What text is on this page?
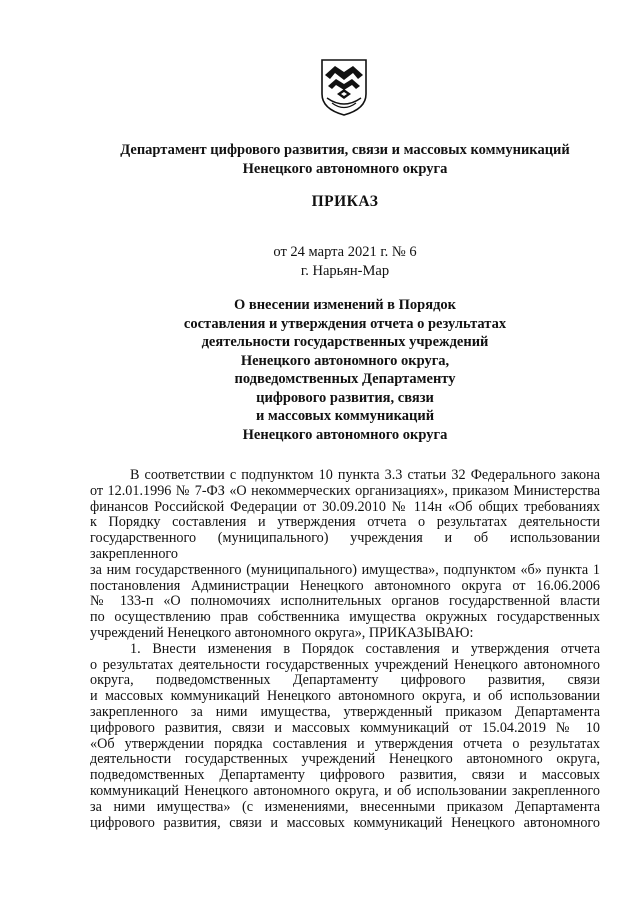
Департамент цифрового развития, связи и массовых коммуникаций
Ненецкого автономного округа
ПРИКАЗ
от 24 марта 2021 г. № 6
г. Нарьян-Мар
О внесении изменений в Порядок
составления и утверждения отчета о результатах
деятельности государственных учреждений
Ненецкого автономного округа,
подведомственных Департаменту
цифрового развития, связи
и массовых коммуникаций
Ненецкого автономного округа
В соответствии с подпунктом 10 пункта 3.3 статьи 32 Федерального закона
от 12.01.1996 № 7-ФЗ «О некоммерческих организациях», приказом Министерства
финансов Российской Федерации от 30.09.2010 № 114н «Об общих требованиях
к Порядку составления и утверждения отчета о результатах деятельности
государственного (муниципального) учреждения и об использовании закрепленного
за ним государственного (муниципального) имущества», подпунктом «б» пункта 1
постановления Администрации Ненецкого автономного округа от 16.06.2006
№ 133-п «О полномочиях исполнительных органов государственной власти
по осуществлению прав собственника имущества окружных государственных
учреждений Ненецкого автономного округа», ПРИКАЗЫВАЮ:
1. Внести изменения в Порядок составления и утверждения отчета
о результатах деятельности государственных учреждений Ненецкого автономного
округа, подведомственных Департаменту цифрового развития, связи
и массовых коммуникаций Ненецкого автономного округа, и об использовании
закрепленного за ними имущества, утвержденный приказом Департамента
цифрового развития, связи и массовых коммуникаций от 15.04.2019 № 10
«Об утверждении порядка составления и утверждения отчета о результатах
деятельности государственных учреждений Ненецкого автономного округа,
подведомственных Департаменту цифрового развития, связи и массовых
коммуникаций Ненецкого автономного округа, и об использовании закрепленного
за ними имущества» (с изменениями, внесенными приказом Департамента
цифрового развития, связи и массовых коммуникаций Ненецкого автономного
